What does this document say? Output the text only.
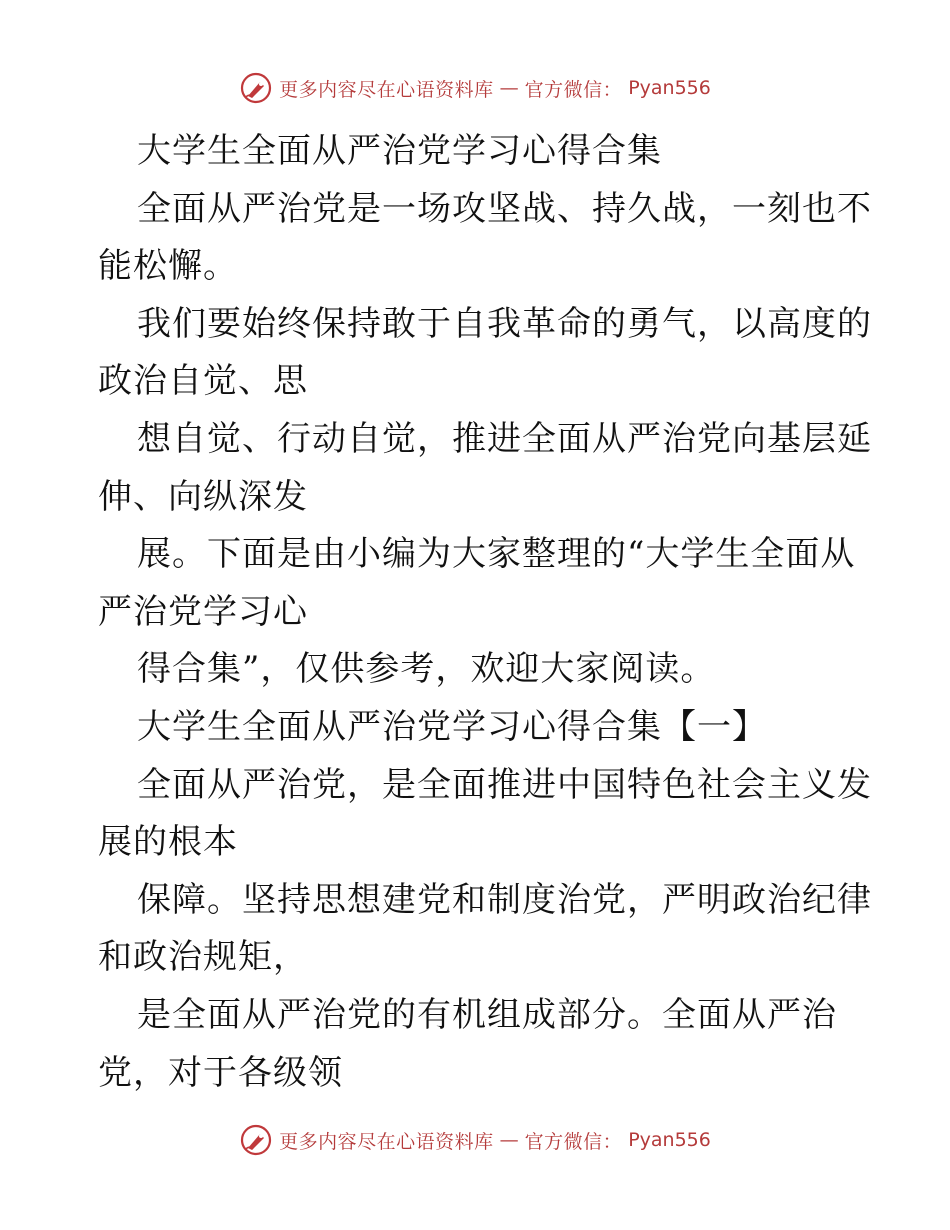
更多内容尽在心语资料库 — 官方微信： Pyan556
大学生全面从严治党学习心得合集
全面从严治党是一场攻坚战、持久战，一刻也不
能松懈。
我们要始终保持敢于自我革命的勇气，以高度的
政治自觉、思
想自觉、行动自觉，推进全面从严治党向基层延
伸、向纵深发
展。下面是由小编为大家整理的“大学生全面从
严治党学习心
得合集”，仅供参考，欢迎大家阅读。
大学生全面从严治党学习心得合集【一】
全面从严治党，是全面推进中国特色社会主义发
展的根本
保障。坚持思想建党和制度治党，严明政治纪律
和政治规矩，
是全面从严治党的有机组成部分。全面从严治
党，对于各级领
更多内容尽在心语资料库 — 官方微信： Pyan556
